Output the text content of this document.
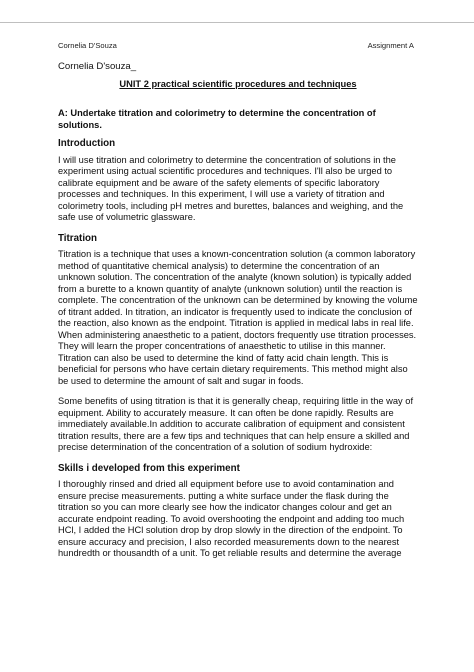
Cornelia D'Souza	Assignment A

Cornelia D'souza_

UNIT 2 practical scientific procedures and techniques

A: Undertake titration and colorimetry to determine the concentration of solutions.

Introduction

I will use titration and colorimetry to determine the concentration of solutions in the experiment using actual scientific procedures and techniques. I'll also be urged to calibrate equipment and be aware of the safety elements of specific laboratory processes and techniques. In this experiment, I will use a variety of titration and colorimetry tools, including pH metres and burettes, balances and weighing, and the safe use of volumetric glassware.

Titration

Titration is a technique that uses a known-concentration solution (a common laboratory method of quantitative chemical analysis) to determine the concentration of an unknown solution. The concentration of the analyte (known solution) is typically added from a burette to a known quantity of analyte (unknown solution) until the reaction is complete. The concentration of the unknown can be determined by knowing the volume of titrant added. In titration, an indicator is frequently used to indicate the conclusion of the reaction, also known as the endpoint. Titration is applied in medical labs in real life. When administering anaesthetic to a patient, doctors frequently use titration processes. They will learn the proper concentrations of anaesthetic to utilise in this manner. Titration can also be used to determine the kind of fatty acid chain length. This is beneficial for persons who have certain dietary requirements. This method might also be used to determine the amount of salt and sugar in foods.

Some benefits of using titration is that it is generally cheap, requiring little in the way of equipment. Ability to accurately measure. It can often be done rapidly. Results are immediately available.In addition to accurate calibration of equipment and consistent titration results, there are a few tips and techniques that can help ensure a skilled and precise determination of the concentration of a solution of sodium hydroxide:

Skills i developed from this experiment

I thoroughly rinsed and dried all equipment before use to avoid contamination and ensure precise measurements. putting a white surface under the flask during the titration so you can more clearly see how the indicator changes colour and get an accurate endpoint reading. To avoid overshooting the endpoint and adding too much HCl, I added the HCl solution drop by drop slowly in the direction of the endpoint. To ensure accuracy and precision, I also recorded measurements down to the nearest hundredth or thousandth of a unit. To get reliable results and determine the average
